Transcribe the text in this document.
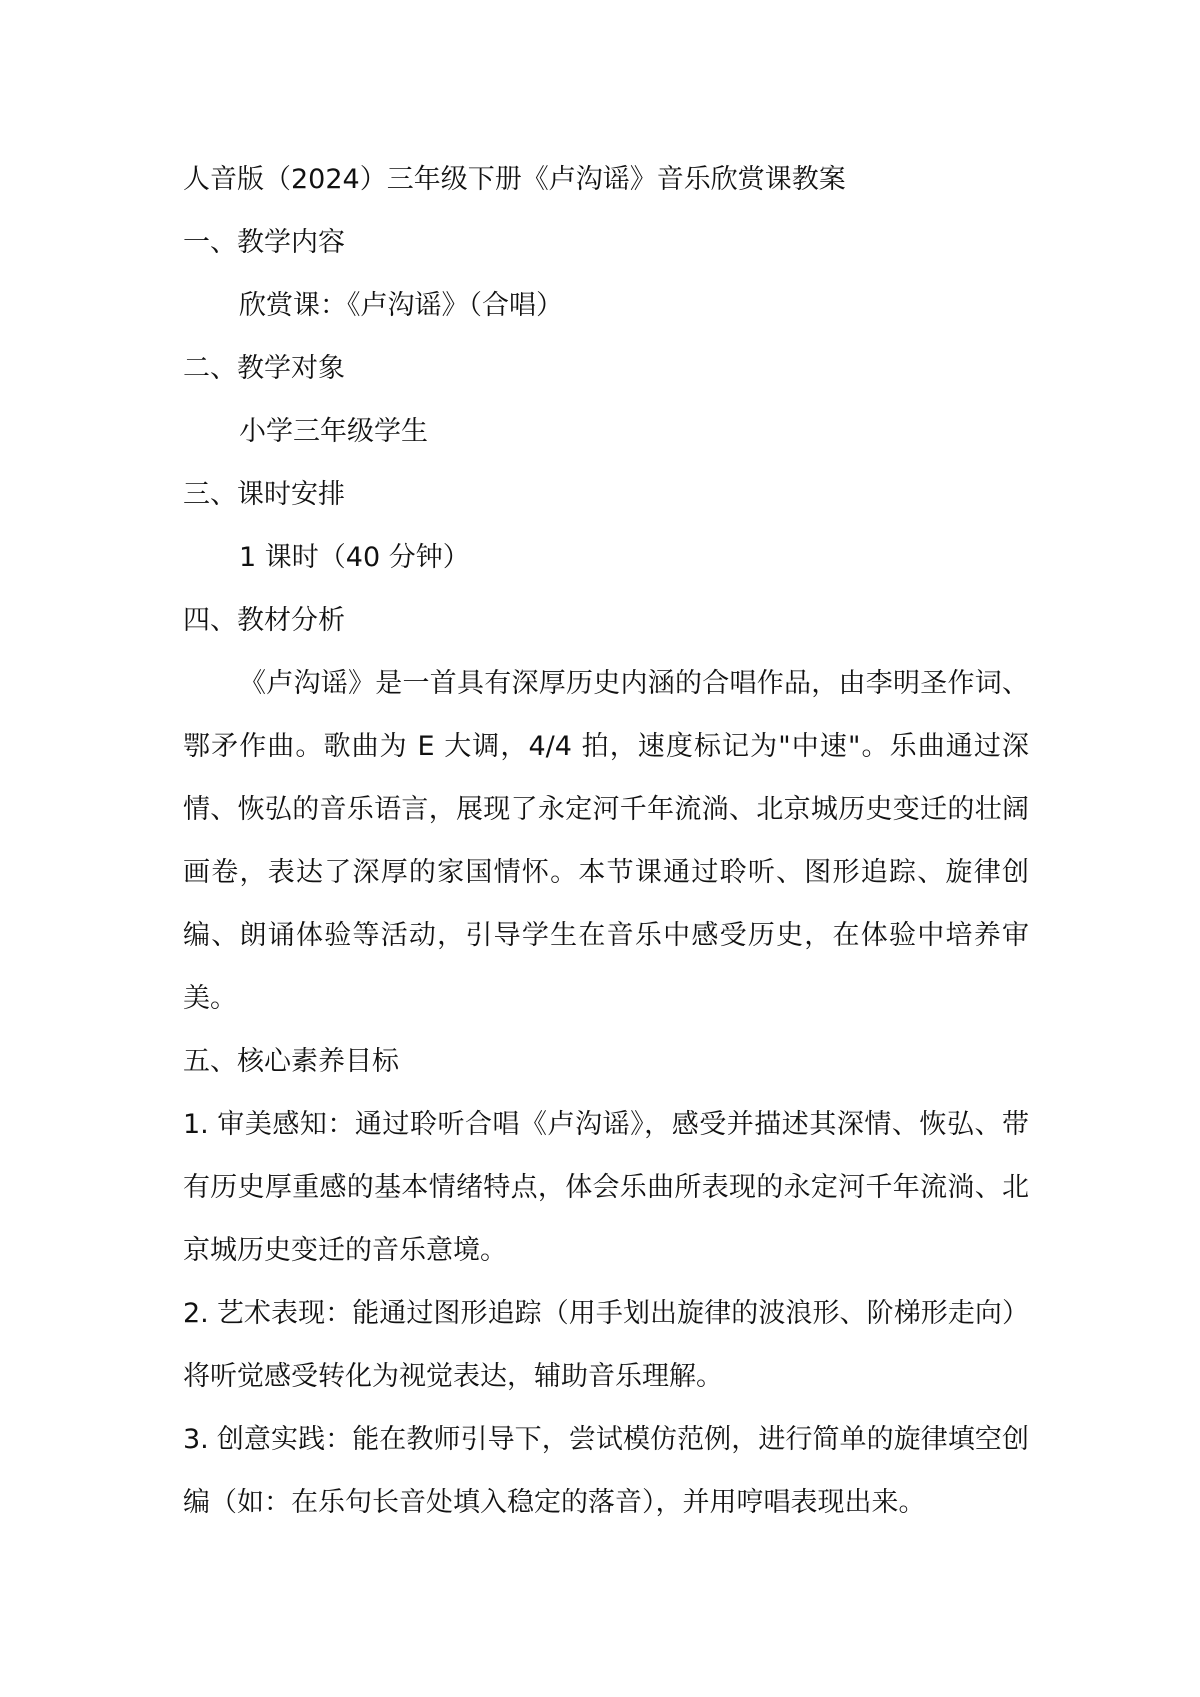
人音版（2024）三年级下册《卢沟谣》音乐欣赏课教案

一、教学内容

欣赏课：《卢沟谣》（合唱）

二、教学对象

小学三年级学生

三、课时安排

1 课时（40 分钟）

四、教材分析

《卢沟谣》是一首具有深厚历史内涵的合唱作品，由李明圣作词、鄂矛作曲。歌曲为 E 大调，4/4 拍，速度标记为"中速"。乐曲通过深情、恢弘的音乐语言，展现了永定河千年流淌、北京城历史变迁的壮阔画卷，表达了深厚的家国情怀。本节课通过聆听、图形追踪、旋律创编、朗诵体验等活动，引导学生在音乐中感受历史，在体验中培养审美。

五、核心素养目标

1. 审美感知：通过聆听合唱《卢沟谣》，感受并描述其深情、恢弘、带有历史厚重感的基本情绪特点，体会乐曲所表现的永定河千年流淌、北京城历史变迁的音乐意境。

2. 艺术表现：能通过图形追踪（用手划出旋律的波浪形、阶梯形走向）将听觉感受转化为视觉表达，辅助音乐理解。

3. 创意实践：能在教师引导下，尝试模仿范例，进行简单的旋律填空创编（如：在乐句长音处填入稳定的落音），并用哼唱表现出来。
